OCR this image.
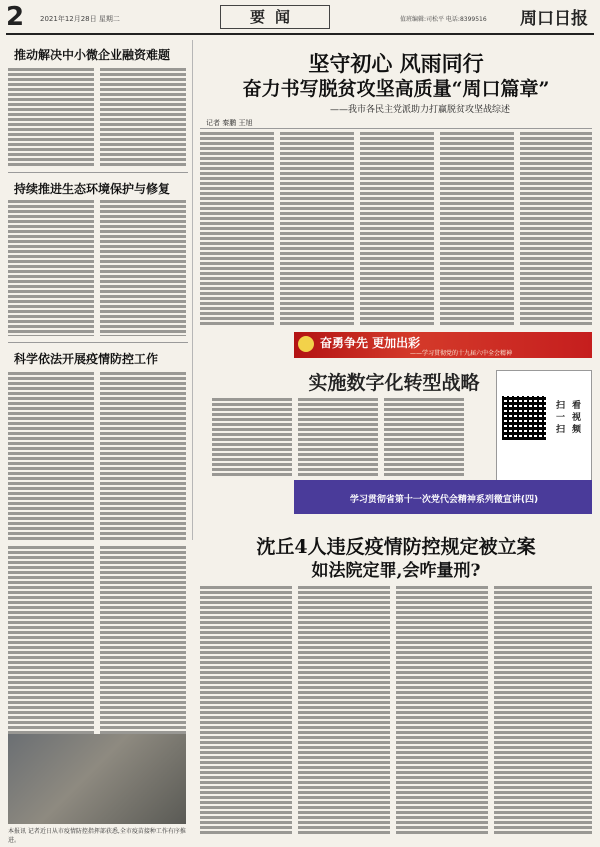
2 2021年12月28日 星期二	要闻	值班编辑:司松平 电话:8399516 周口日报
推动解决中小微企业融资难题
持续推进生态环境保护与修复
科学依法开展疫情防控工作
坚守初心 风雨同行
奋力书写脱贫攻坚高质量“周口篇章”
——我市各民主党派助力打赢脱贫攻坚战综述
记者 秦鹏 王旭
奋勇争先 更加出彩
——学习贯彻党的十九届六中全会精神
实施数字化转型战略
扫一扫
看视频
学习贯彻省第十一次党代会精神系列微宣讲(四)
本报讯 记者近日从市疫情防控指挥部获悉,全市疫苗接种工作有序推进。
沈丘4人违反疫情防控规定被立案
如法院定罪,会咋量刑?
